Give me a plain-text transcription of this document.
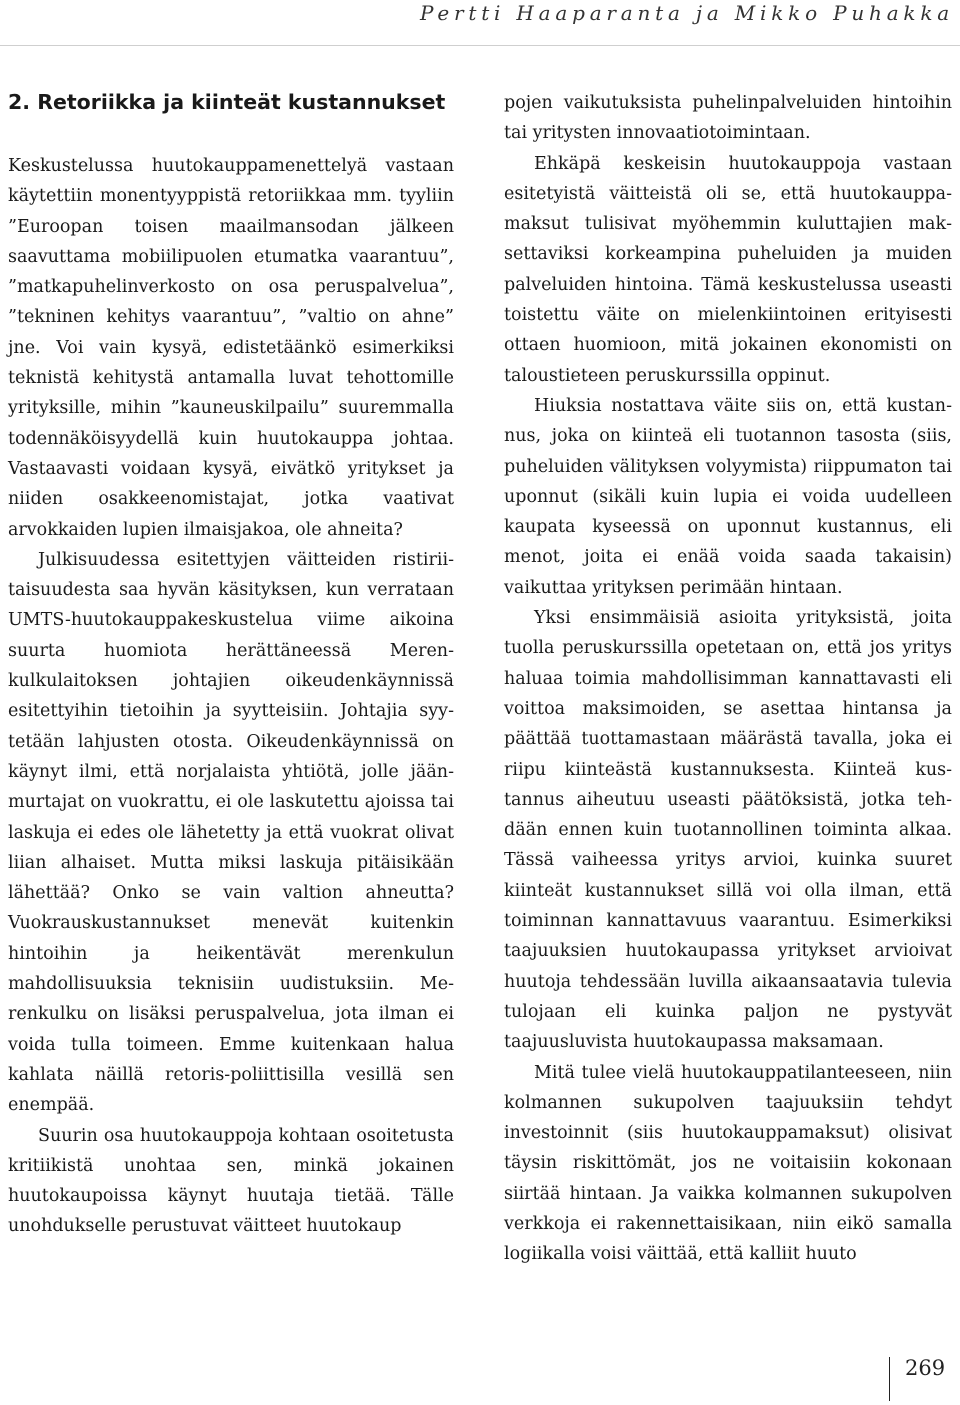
Pertti Haaparanta ja Mikko Puhakka
2. Retoriikka ja kiinteät kustannukset

Keskustelussa huutokauppamenettelyä vastaan käytettiin monentyyppistä retoriikkaa mm. tyyliin ”Euroopan toisen maailmansodan jälkeen saavuttama mobiilipuolen etumatka vaarantuu”, ”matkapuhelinverkosto on osa peruspalvelua”, ”tekninen kehitys vaarantuu”, ”valtio on ahne” jne. Voi vain kysyä, edistetäänkö esimerkiksi teknistä kehitystä antamalla luvat tehottomille yrityksille, mihin ”kauneuskilpailu” suuremmalla todennäköisyydellä kuin huutokauppa johtaa. Vastaavasti voidaan kysyä, eivätkö yritykset ja niiden osakkeenomistajat, jotka vaativat arvokkaiden lupien ilmaisjakoa, ole ahneita?

Julkisuudessa esitettyjen väitteiden ristiriitaisuudesta saa hyvän käsityksen, kun verrataan UMTS-huutokauppakeskustelua viime aikoina suurta huomiota herättäneessä Merenkulkulaitoksen johtajien oikeudenkäynnissä esitettyihin tietoihin ja syytteisiin. Johtajia syytetään lahjusten otosta. Oikeudenkäynnissä on käynyt ilmi, että norjalaista yhtiötä, jolle jäänmurtajat on vuokrattu, ei ole laskutettu ajoissa tai laskuja ei edes ole lähetetty ja että vuokrat olivat liian alhaiset. Mutta miksi laskuja pitäisikään lähettää? Onko se vain valtion ahneutta? Vuokrauskustannukset menevät kuitenkin hintoihin ja heikentävät merenkulun mahdollisuuksia teknisiin uudistuksiin. Merenkulku on lisäksi peruspalvelua, jota ilman ei voida tulla toimeen. Emme kuitenkaan halua kahlata näillä retoris-poliittisilla vesillä sen enempää.

Suurin osa huutokauppoja kohtaan osoitetusta kritiikistä unohtaa sen, minkä jokainen huutokaupoissa käynyt huutaja tietää. Tälle unohdukselle perustuvat väitteet huutokaup

pojen vaikutuksista puhelinpalveluiden hintoihin tai yritysten innovaatiotoimintaan.

Ehkäpä keskeisin huutokauppoja vastaan esitetyistä väitteistä oli se, että huutokauppamaksut tulisivat myöhemmin kuluttajien maksettaviksi korkeampina puheluiden ja muiden palveluiden hintoina. Tämä keskustelussa useasti toistettu väite on mielenkiintoinen erityisesti ottaen huomioon, mitä jokainen ekonomisti on taloustieteen peruskurssilla oppinut.

Hiuksia nostattava väite siis on, että kustannus, joka on kiinteä eli tuotannon tasosta (siis, puheluiden välityksen volyymista) riippumaton tai uponnut (sikäli kuin lupia ei voida uudelleen kaupata kyseessä on uponnut kustannus, eli menot, joita ei enää voida saada takaisin) vaikuttaa yrityksen perimään hintaan.

Yksi ensimmäisiä asioita yrityksistä, joita tuolla peruskurssilla opetetaan on, että jos yritys haluaa toimia mahdollisimman kannattavasti eli voittoa maksimoiden, se asettaa hintansa ja päättää tuottamastaan määrästä tavalla, joka ei riipu kiinteästä kustannuksesta. Kiinteä kustannus aiheutuu useasti päätöksistä, jotka tehdään ennen kuin tuotannollinen toiminta alkaa. Tässä vaiheessa yritys arvioi, kuinka suuret kiinteät kustannukset sillä voi olla ilman, että toiminnan kannattavuus vaarantuu. Esimerkiksi taajuuksien huutokaupassa yritykset arvioivat huutoja tehdessään luvilla aikaansaatavia tulevia tulojaan eli kuinka paljon ne pystyvät taajuusluvista huutokaupassa maksamaan.

Mitä tulee vielä huutokauppatilanteeseen, niin kolmannen sukupolven taajuuksiin tehdyt investoinnit (siis huutokauppamaksut) olisivat täysin riskittömät, jos ne voitaisiin kokonaan siirtää hintaan. Ja vaikka kolmannen sukupolven verkkoja ei rakennettaisikaan, niin eikö samalla logiikalla voisi väittää, että kalliit huuto

269
